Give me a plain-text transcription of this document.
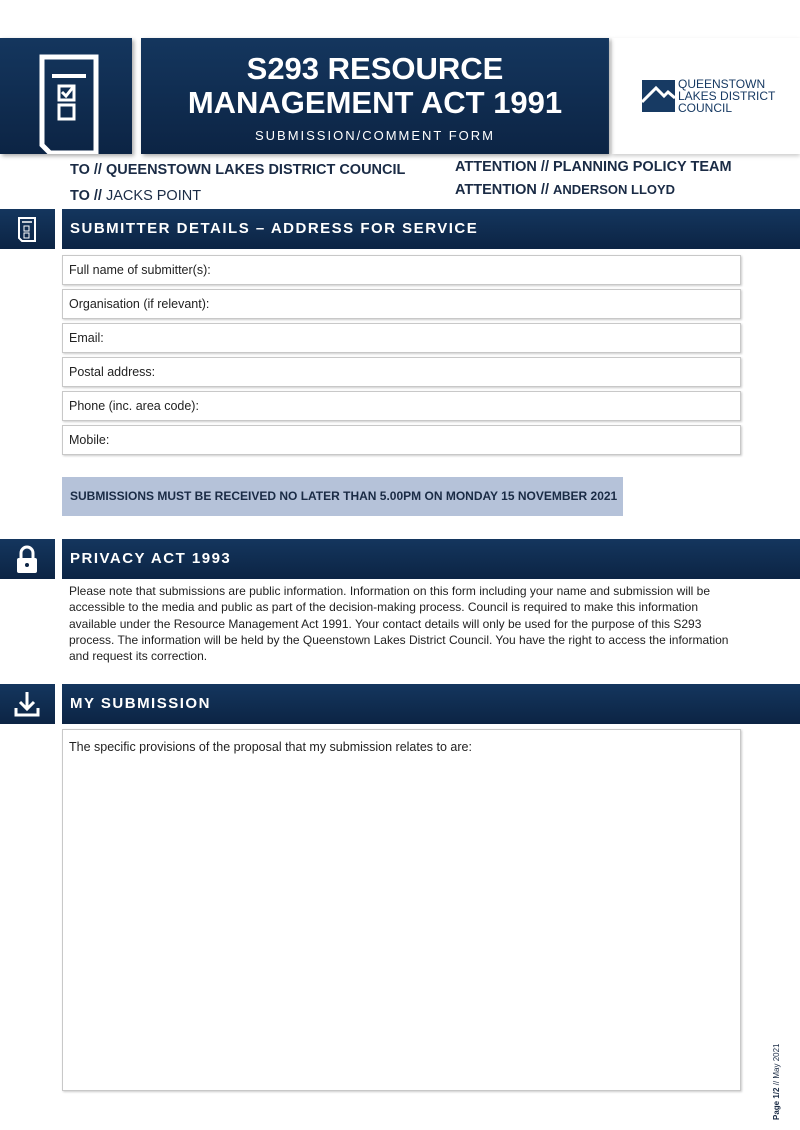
S293 RESOURCE
MANAGEMENT ACT 1991
SUBMISSION/COMMENT FORM
QUEENSTOWN
LAKES DISTRICT
COUNCIL
TO // QUEENSTOWN LAKES DISTRICT COUNCIL
TO // JACKS POINT
ATTENTION // PLANNING POLICY TEAM
ATTENTION // ANDERSON LLOYD
SUBMITTER DETAILS – ADDRESS FOR SERVICE
Full name of submitter(s):
Organisation (if relevant):
Email:
Postal address:
Phone (inc. area code):
Mobile:
SUBMISSIONS MUST BE RECEIVED NO LATER THAN 5.00PM ON MONDAY 15 NOVEMBER 2021
PRIVACY ACT 1993
Please note that submissions are public information. Information on this form including your name and submission will be accessible to the media and public as part of the decision-making process. Council is required to make this information available under the Resource Management Act 1991. Your contact details will only be used for the purpose of this S293 process. The information will be held by the Queenstown Lakes District Council. You have the right to access the information and request its correction.
MY SUBMISSION
The specific provisions of the proposal that my submission relates to are:
Page 1/2 // May 2021
